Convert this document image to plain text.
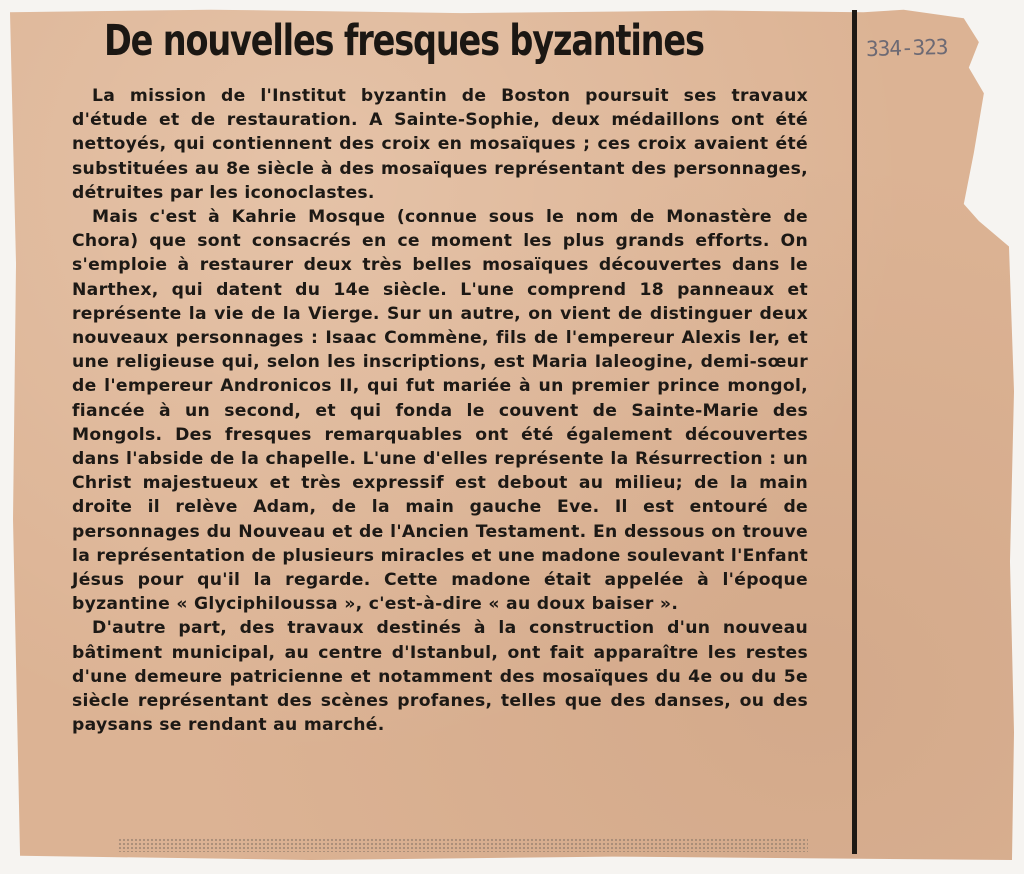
De nouvelles fresques byzantines

La mission de l'Institut byzantin de Boston poursuit ses travaux d'étude et de restauration. A Sainte-Sophie, deux médaillons ont été nettoyés, qui contiennent des croix en mosaïques ; ces croix avaient été substituées au 8e siècle à des mosaïques représentant des personnages, détruites par les iconoclastes.

Mais c'est à Kahrie Mosque (connue sous le nom de Monastère de Chora) que sont consacrés en ce moment les plus grands efforts. On s'emploie à restaurer deux très belles mosaïques découvertes dans le Narthex, qui datent du 14e siècle. L'une comprend 18 panneaux et représente la vie de la Vierge. Sur un autre, on vient de distinguer deux nouveaux personnages : Isaac Commène, fils de l'empereur Alexis Ier, et une religieuse qui, selon les inscriptions, est Maria Ialeogine, demi-sœur de l'empereur Andronicos II, qui fut mariée à un premier prince mongol, fiancée à un second, et qui fonda le couvent de Sainte-Marie des Mongols. Des fresques remarquables ont été également découvertes dans l'abside de la chapelle. L'une d'elles représente la Résurrection : un Christ majestueux et très expressif est debout au milieu; de la main droite il relève Adam, de la main gauche Eve. Il est entouré de personnages du Nouveau et de l'Ancien Testament. En dessous on trouve la représentation de plusieurs miracles et une madone soulevant l'Enfant Jésus pour qu'il la regarde. Cette madone était appelée à l'époque byzantine « Glyciphiloussa », c'est-à-dire « au doux baiser ».

D'autre part, des travaux destinés à la construction d'un nouveau bâtiment municipal, au centre d'Istanbul, ont fait apparaître les restes d'une demeure patricienne et notamment des mosaïques du 4e ou du 5e siècle représentant des scènes profanes, telles que des danses, ou des paysans se rendant au marché.

334-323
